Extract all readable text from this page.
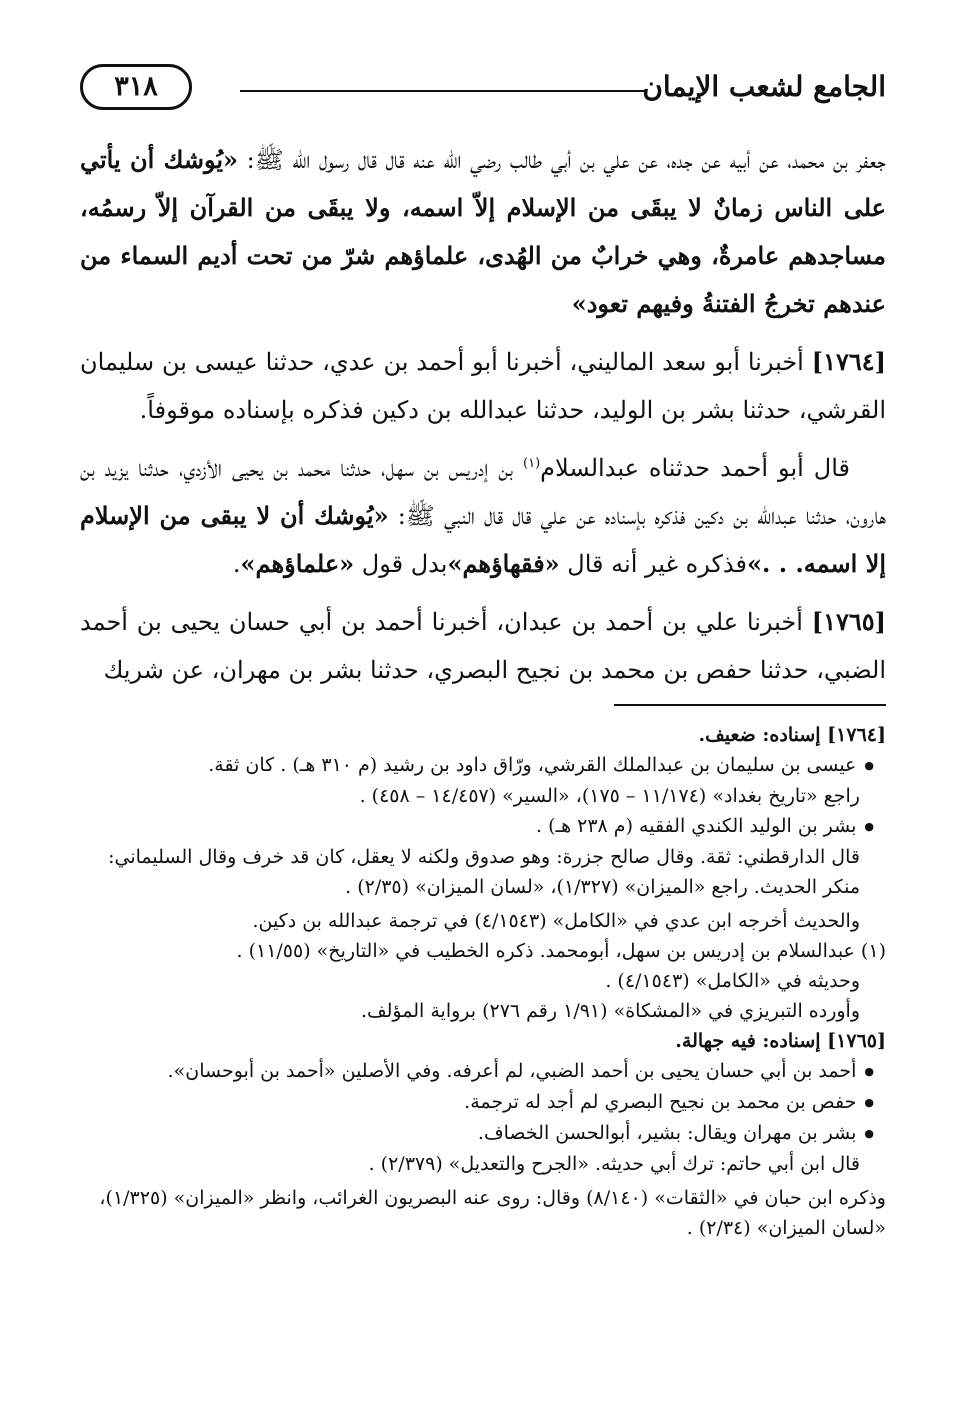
الجامع لشعب الإيمان
٣١٨

جعفر بن محمد، عن أبيه عن جده، عن علي بن أبي طالب رضي الله عنه قال قال رسول الله ﷺ: «يُوشك أن يأتي على الناس زمانٌ لا يبقَى من الإسلام إلاّ اسمه، ولا يبقَى من القرآن إلاّ رسمُه، مساجدهم عامرةٌ، وهي خرابٌ من الهُدى، علماؤهم شرّ من تحت أديم السماء من عندهم تخرجُ الفتنةُ وفيهم تعود»

[١٧٦٤] أخبرنا أبو سعد الماليني، أخبرنا أبو أحمد بن عدي، حدثنا عيسى بن سليمان القرشي، حدثنا بشر بن الوليد، حدثنا عبدالله بن دكين فذكره بإسناده موقوفاً.

قال أبو أحمد حدثناه عبدالسلام$^{(١)}$ بن إدريس بن سهل، حدثنا محمد بن يحيى الأزدي، حدثنا يزيد بن هارون، حدثنا عبدالله بن دكين فذكره بإسناده عن علي قال قال النبي ﷺ: «يُوشك أن لا يبقى من الإسلام إلا اسمه. . .»فذكره غير أنه قال «فقهاؤهم»بدل قول «علماؤهم».

[١٧٦٥] أخبرنا علي بن أحمد بن عبدان، أخبرنا أحمد بن أبي حسان يحيى بن أحمد الضبي، حدثنا حفص بن محمد بن نجيح البصري، حدثنا بشر بن مهران، عن شريك

[١٧٦٤] إسناده: ضعيف.

● عيسى بن سليمان بن عبدالملك القرشي، ورّاق داود بن رشيد (م ٣١٠ هـ) . كان ثقة.

راجع «تاريخ بغداد» (١١/١٧٤ – ١٧٥)، «السير» (١٤/٤٥٧ – ٤٥٨) .

● بشر بن الوليد الكندي الفقيه (م ٢٣٨ هـ) .

قال الدارقطني: ثقة. وقال صالح جزرة: وهو صدوق ولكنه لا يعقل، كان قد خرف وقال السليماني: منكر الحديث. راجع «الميزان» (١/٣٢٧)، «لسان الميزان» (٢/٣٥) .

والحديث أخرجه ابن عدي في «الكامل» (٤/١٥٤٣) في ترجمة عبدالله بن دكين.

(١) عبدالسلام بن إدريس بن سهل، أبومحمد. ذكره الخطيب في «التاريخ» (١١/٥٥) .

وحديثه في «الكامل» (٤/١٥٤٣) .

وأورده التبريزي في «المشكاة» (١/٩١ رقم ٢٧٦) برواية المؤلف.

[١٧٦٥] إسناده: فيه جهالة.

● أحمد بن أبي حسان يحيى بن أحمد الضبي، لم أعرفه. وفي الأصلين «أحمد بن أبوحسان».

● حفص بن محمد بن نجيح البصري لم أجد له ترجمة.

● بشر بن مهران ويقال: بشير، أبوالحسن الخصاف.

قال ابن أبي حاتم: ترك أبي حديثه. «الجرح والتعديل» (٢/٣٧٩) .

وذكره ابن حبان في «الثقات» (٨/١٤٠) وقال: روى عنه البصريون الغرائب، وانظر «الميزان» (١/٣٢٥)، «لسان الميزان» (٢/٣٤) .
